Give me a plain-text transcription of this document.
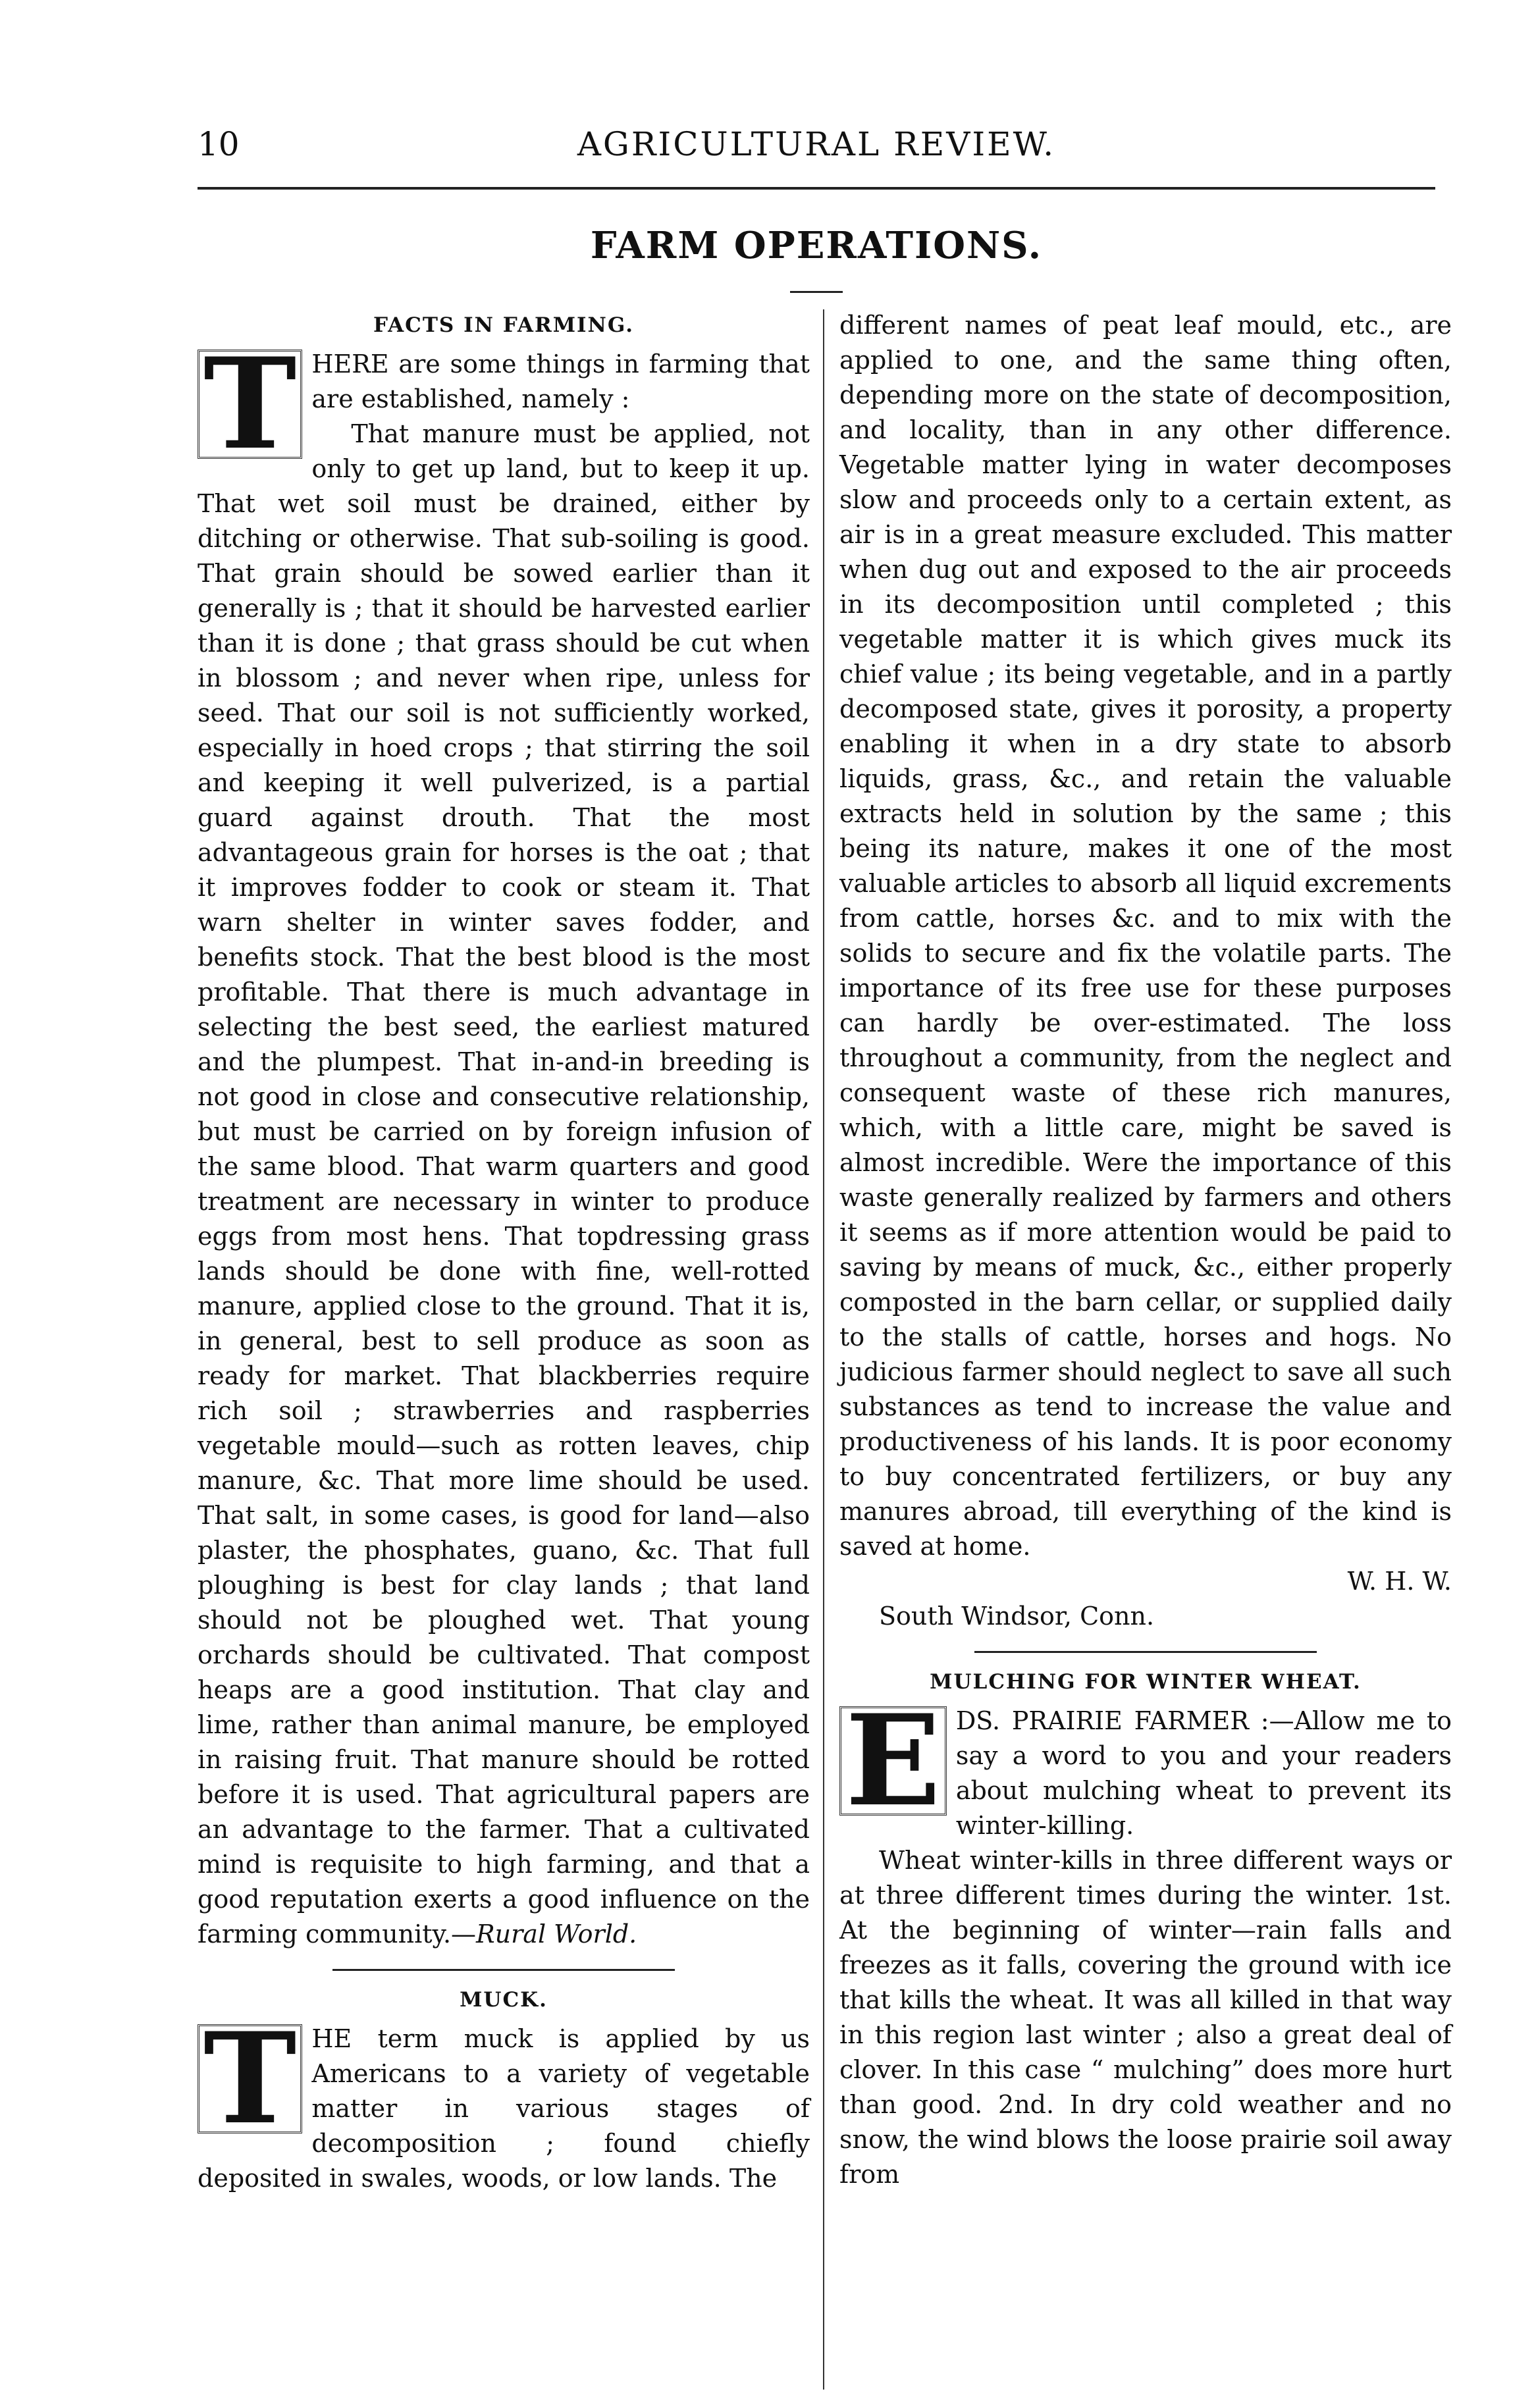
10	AGRICULTURAL REVIEW.
FARM OPERATIONS.
FACTS IN FARMING.
T HERE are some things in farming that are established, namely :

That manure must be applied, not only to get up land, but to keep it up. That wet soil must be drained, either by ditching or otherwise. That sub-soiling is good. That grain should be sowed earlier than it generally is ; that it should be harvested earlier than it is done ; that grass should be cut when in blossom ; and never when ripe, unless for seed. That our soil is not sufficiently worked, especially in hoed crops ; that stirring the soil and keeping it well pulverized, is a partial guard against drouth. That the most advantageous grain for horses is the oat ; that it improves fodder to cook or steam it. That warn shelter in winter saves fodder, and benefits stock. That the best blood is the most profitable. That there is much advantage in selecting the best seed, the earliest matured and the plumpest. That in-and-in breeding is not good in close and consecutive relationship, but must be carried on by foreign infusion of the same blood. That warm quarters and good treatment are necessary in winter to produce eggs from most hens. That topdressing grass lands should be done with fine, well-rotted manure, applied close to the ground. That it is, in general, best to sell produce as soon as ready for market. That blackberries require rich soil ; strawberries and raspberries vegetable mould—such as rotten leaves, chip manure, &c. That more lime should be used. That salt, in some cases, is good for land—also plaster, the phosphates, guano, &c. That full ploughing is best for clay lands ; that land should not be ploughed wet. That young orchards should be cultivated. That compost heaps are a good institution. That clay and lime, rather than animal manure, be employed in raising fruit. That manure should be rotted before it is used. That agricultural papers are an advantage to the farmer. That a cultivated mind is requisite to high farming, and that a good reputation exerts a good influence on the farming community.—Rural World.

MUCK.
T HE term muck is applied by us Americans to a variety of vegetable matter in various stages of decomposition ; found chiefly deposited in swales, woods, or low lands. The

different names of peat leaf mould, etc., are applied to one, and the same thing often, depending more on the state of decomposition, and locality, than in any other difference. Vegetable matter lying in water decomposes slow and proceeds only to a certain extent, as air is in a great measure excluded. This matter when dug out and exposed to the air proceeds in its decomposition until completed ; this vegetable matter it is which gives muck its chief value ; its being vegetable, and in a partly decomposed state, gives it porosity, a property enabling it when in a dry state to absorb liquids, grass, &c., and retain the valuable extracts held in solution by the same ; this being its nature, makes it one of the most valuable articles to absorb all liquid excrements from cattle, horses &c. and to mix with the solids to secure and fix the volatile parts. The importance of its free use for these purposes can hardly be over-estimated. The loss throughout a community, from the neglect and consequent waste of these rich manures, which, with a little care, might be saved is almost incredible. Were the importance of this waste generally realized by farmers and others it seems as if more attention would be paid to saving by means of muck, &c., either properly composted in the barn cellar, or supplied daily to the stalls of cattle, horses and hogs. No judicious farmer should neglect to save all such substances as tend to increase the value and productiveness of his lands. It is poor economy to buy concentrated fertilizers, or buy any manures abroad, till everything of the kind is saved at home.

W. H. W.
South Windsor, Conn.
MULCHING FOR WINTER WHEAT.
E DS. PRAIRIE FARMER :—Allow me to say a word to you and your readers about mulching wheat to prevent its winter-killing.

Wheat winter-kills in three different ways or at three different times during the winter. 1st. At the beginning of winter—rain falls and freezes as it falls, covering the ground with ice that kills the wheat. It was all killed in that way in this region last winter ; also a great deal of clover. In this case “ mulching” does more hurt than good. 2nd. In dry cold weather and no snow, the wind blows the loose prairie soil away from
